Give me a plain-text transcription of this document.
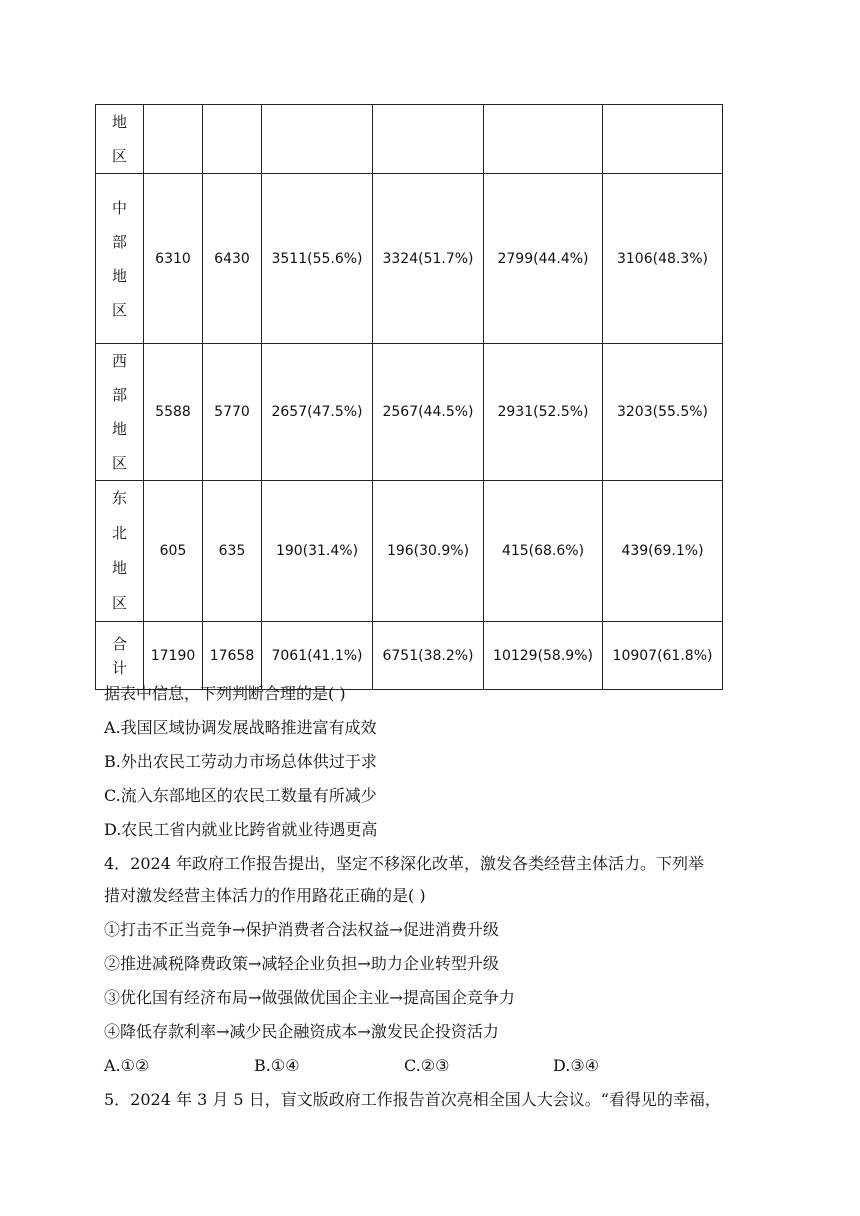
地
区						

中
部
地
区	6310	6430	3511(55.6%)	3324(51.7%)	2799(44.4%)	3106(48.3%)

西
部
地
区	5588	5770	2657(47.5%)	2567(44.5%)	2931(52.5%)	3203(55.5%)

东
北
地
区	605	635	190(31.4%)	196(30.9%)	415(68.6%)	439(69.1%)

合
计	17190	17658	7061(41.1%)	6751(38.2%)	10129(58.9%)	10907(61.8%)
据表中信息，下列判断合理的是( )
A.我国区域协调发展战略推进富有成效
B.外出农民工劳动力市场总体供过于求
C.流入东部地区的农民工数量有所减少
D.农民工省内就业比跨省就业待遇更高
4．2024 年政府工作报告提出，坚定不移深化改革，激发各类经营主体活力。下列举
措对激发经营主体活力的作用路花正确的是( )
①打击不正当竞争→保护消费者合法权益→促进消费升级
②推进减税降费政策→减轻企业负担→助力企业转型升级
③优化国有经济布局→做强做优国企主业→提高国企竞争力
④降低存款利率→减少民企融资成本→激发民企投资活力
A.①②	B.①④	C.②③	D.③④
5．2024 年 3 月 5 日，盲文版政府工作报告首次亮相全国人大会议。“看得见的幸福，
